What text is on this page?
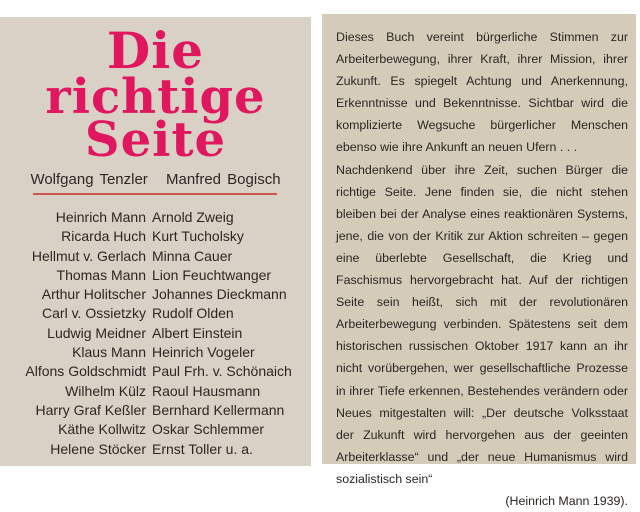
Die
richtige
Seite
Wolfgang Tenzler Manfred Bogisch
Heinrich Mann Arnold Zweig
Ricarda Huch Kurt Tucholsky
Hellmut v. Gerlach Minna Cauer
Thomas Mann Lion Feuchtwanger
Arthur Holitscher Johannes Dieckmann
Carl v. Ossietzky Rudolf Olden
Ludwig Meidner Albert Einstein
Klaus Mann Heinrich Vogeler
Alfons Goldschmidt Paul Frh. v. Schönaich
Wilhelm Külz Raoul Hausmann
Harry Graf Keßler Bernhard Kellermann
Käthe Kollwitz Oskar Schlemmer
Helene Stöcker Ernst Toller u. a.

Dieses Buch vereint bürgerliche Stimmen zur Arbeiterbewegung, ihrer Kraft, ihrer Mission, ihrer Zukunft. Es spiegelt Achtung und Anerkennung, Erkenntnisse und Bekenntnisse. Sichtbar wird die komplizierte Wegsuche bürgerlicher Menschen ebenso wie ihre Ankunft an neuen Ufern . . .

Nachdenkend über ihre Zeit, suchen Bürger die richtige Seite. Jene finden sie, die nicht stehen bleiben bei der Analyse eines reaktionären Systems, jene, die von der Kritik zur Aktion schreiten – gegen eine überlebte Gesellschaft, die Krieg und Faschismus hervorgebracht hat. Auf der richtigen Seite sein heißt, sich mit der revolutionären Arbeiterbewegung verbinden. Spätestens seit dem historischen russischen Oktober 1917 kann an ihr nicht vorübergehen, wer gesellschaftliche Prozesse in ihrer Tiefe erkennen, Bestehendes verändern oder Neues mitgestalten will: „Der deutsche Volksstaat der Zukunft wird hervorgehen aus der geeinten Arbeiterklasse“ und „der neue Humanismus wird sozialistisch sein“

(Heinrich Mann 1939).
